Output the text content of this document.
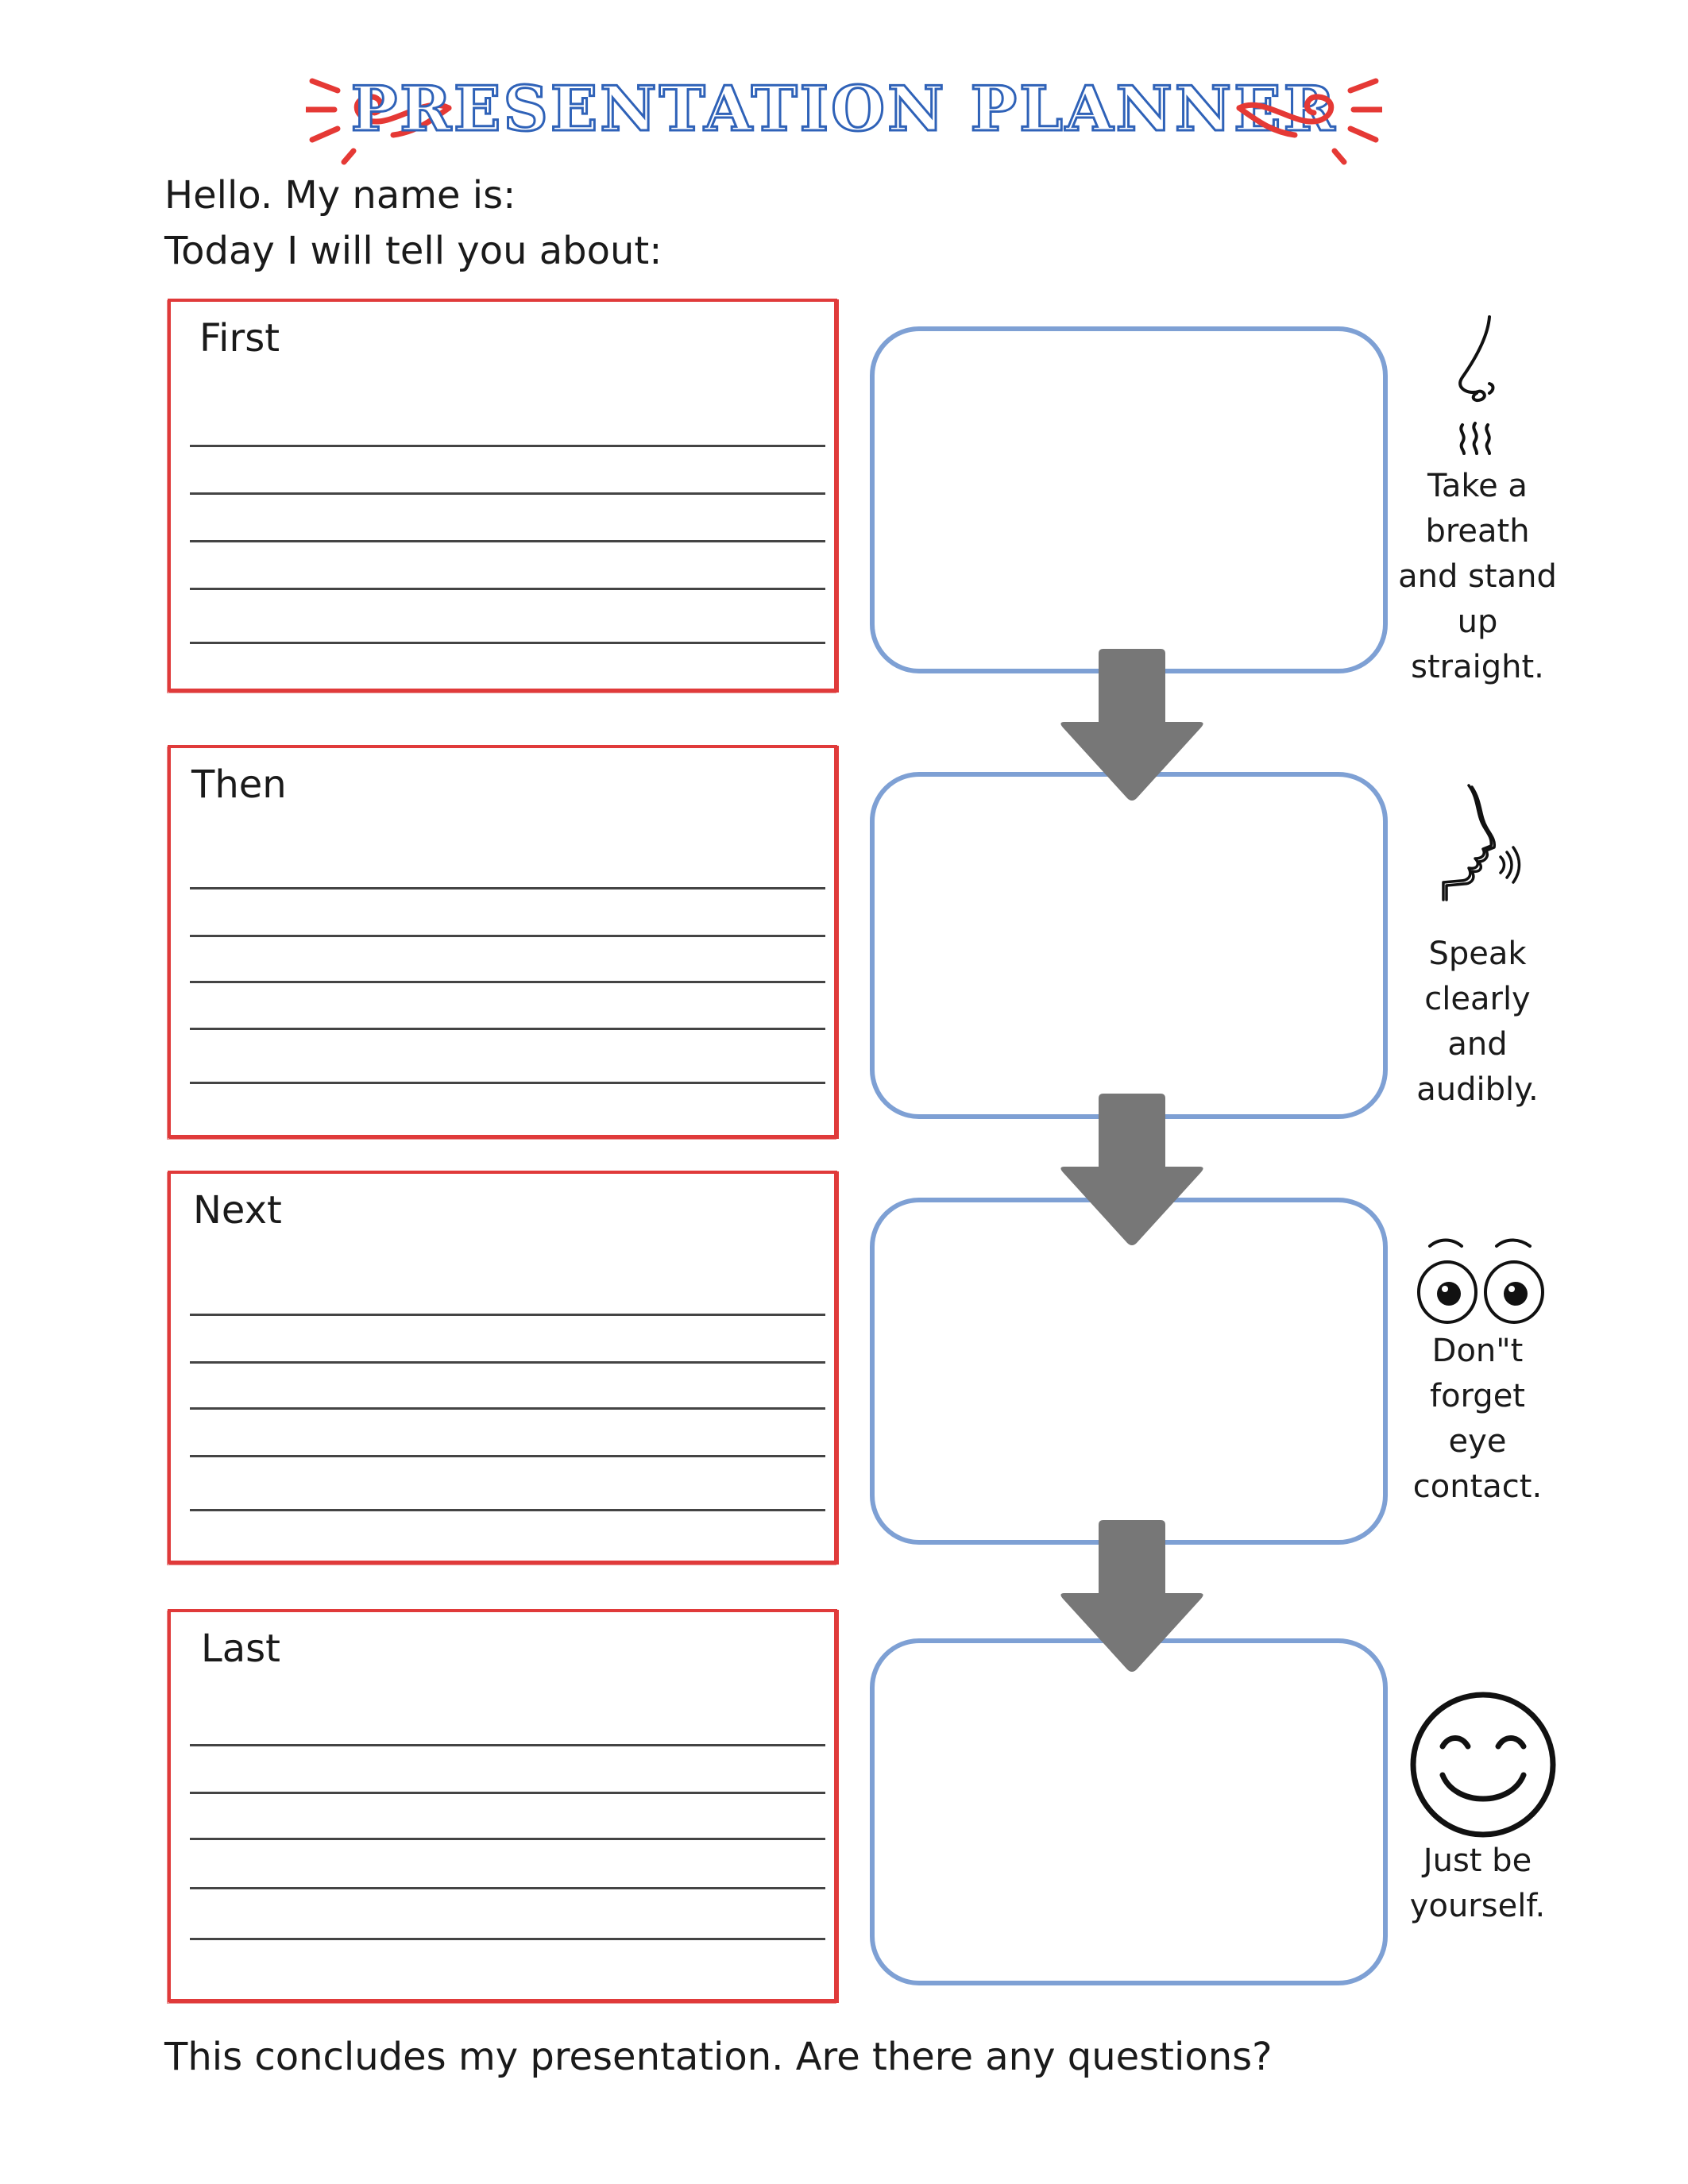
PRESENTATION PLANNER
Hello. My name is:
Today I will tell you about:
First
Then
Next
Last
Take a breath and stand up straight.
Speak clearly and audibly.
Don"t forget eye contact.
Just be yourself.
This concludes my presentation. Are there any questions?
